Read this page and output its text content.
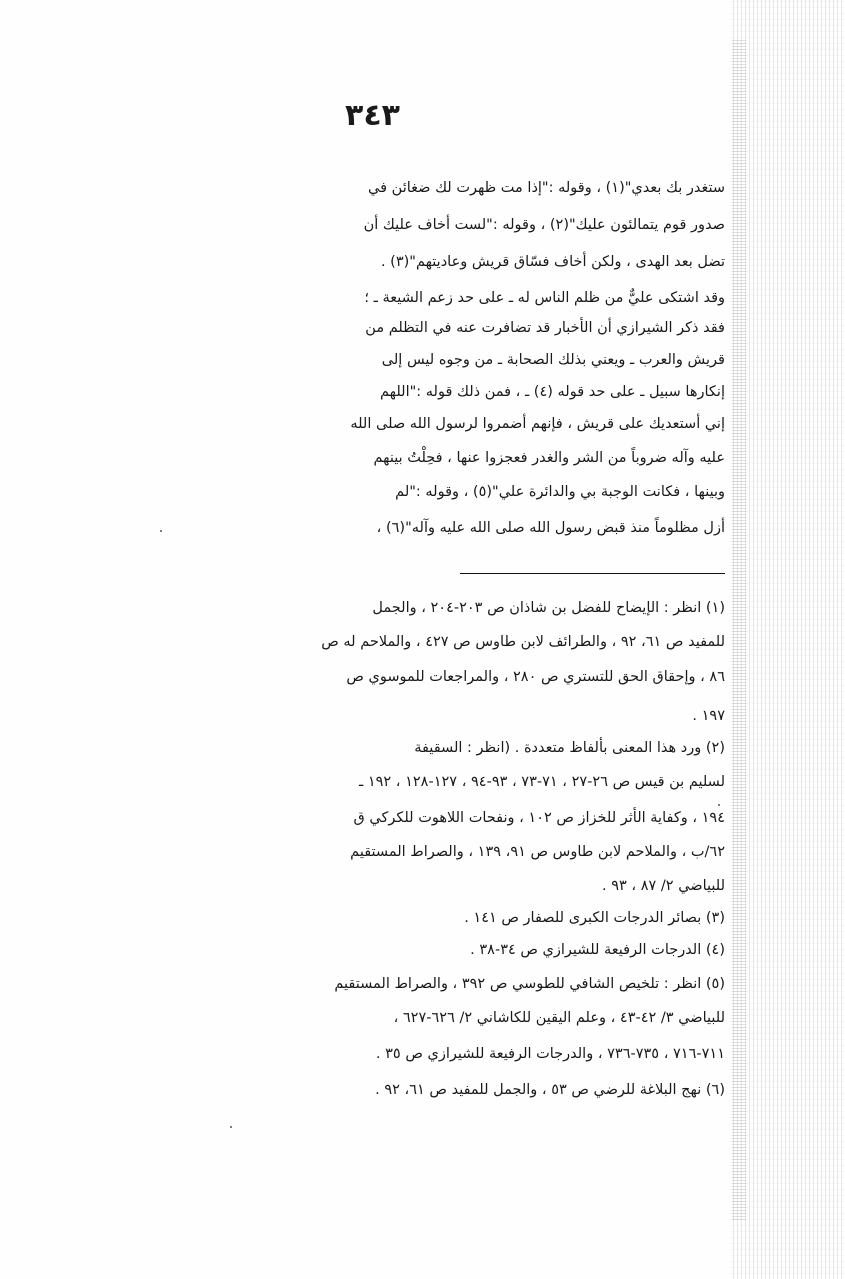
٣٤٣
ستغدر بك بعدي"(١) ، وقوله :"إذا مت ظهرت لك ضغائن في
صدور قوم يتمالئون عليك"(٢) ، وقوله :"لست أخاف عليك أن
تضل بعد الهدى ، ولكن أخاف فسّاق قريش وعاديتهم"(٣) .
وقد اشتكى عليٌّ من ظلم الناس له ـ على حد زعم الشيعة ـ ؛
فقد ذكر الشيرازي أن الأخبار قد تضافرت عنه في التظلم من
قريش والعرب ـ ويعني بذلك الصحابة ـ من وجوه ليس إلى
إنكارها سبيل ـ على حد قوله (٤) ـ ، فمن ذلك قوله :"اللهم
إني أستعديك على قريش ، فإنهم أضمروا لرسول الله صلى الله
عليه وآله ضروباً من الشر والغدر فعجزوا عنها ، فحِلْتُ بينهم
وبينها ، فكانت الوجبة بي والدائرة علي"(٥) ، وقوله :"لم
أزل مظلوماً منذ قبض رسول الله صلى الله عليه وآله"(٦) ،
(١) انظر : الإيضاح للفضل بن شاذان ص ٢٠٣-٢٠٤ ، والجمل
للمفيد ص ٦١، ٩٢ ، والطرائف لابن طاوس ص ٤٢٧ ، والملاحم له ص
٨٦ ، وإحقاق الحق للتستري ص ٢٨٠ ، والمراجعات للموسوي ص
١٩٧ .
(٢) ورد هذا المعنى بألفاظ متعددة . (انظر : السقيفة
لسليم بن قيس ص ٢٦-٢٧ ، ٧١-٧٣ ، ٩٣-٩٤ ، ١٢٧-١٢٨ ، ١٩٢ ـ
١٩٤ ، وكفاية الأثر للخزاز ص ١٠٢ ، ونفحات اللاهوت للكركي ق
٦٢/ب ، والملاحم لابن طاوس ص ٩١، ١٣٩ ، والصراط المستقيم
للبياضي ٢/ ٨٧ ، ٩٣ .
(٣) بصائر الدرجات الكبرى للصفار ص ١٤١ .
(٤) الدرجات الرفيعة للشيرازي ص ٣٤-٣٨ .
(٥) انظر : تلخيص الشافي للطوسي ص ٣٩٢ ، والصراط المستقيم
للبياضي ٣/ ٤٢-٤٣ ، وعلم اليقين للكاشاني ٢/ ٦٢٦-٦٢٧ ،
٧١١-٧١٦ ، ٧٣٥-٧٣٦ ، والدرجات الرفيعة للشيرازي ص ٣٥ .
(٦) نهج البلاغة للرضي ص ٥٣ ، والجمل للمفيد ص ٦١، ٩٢ .
